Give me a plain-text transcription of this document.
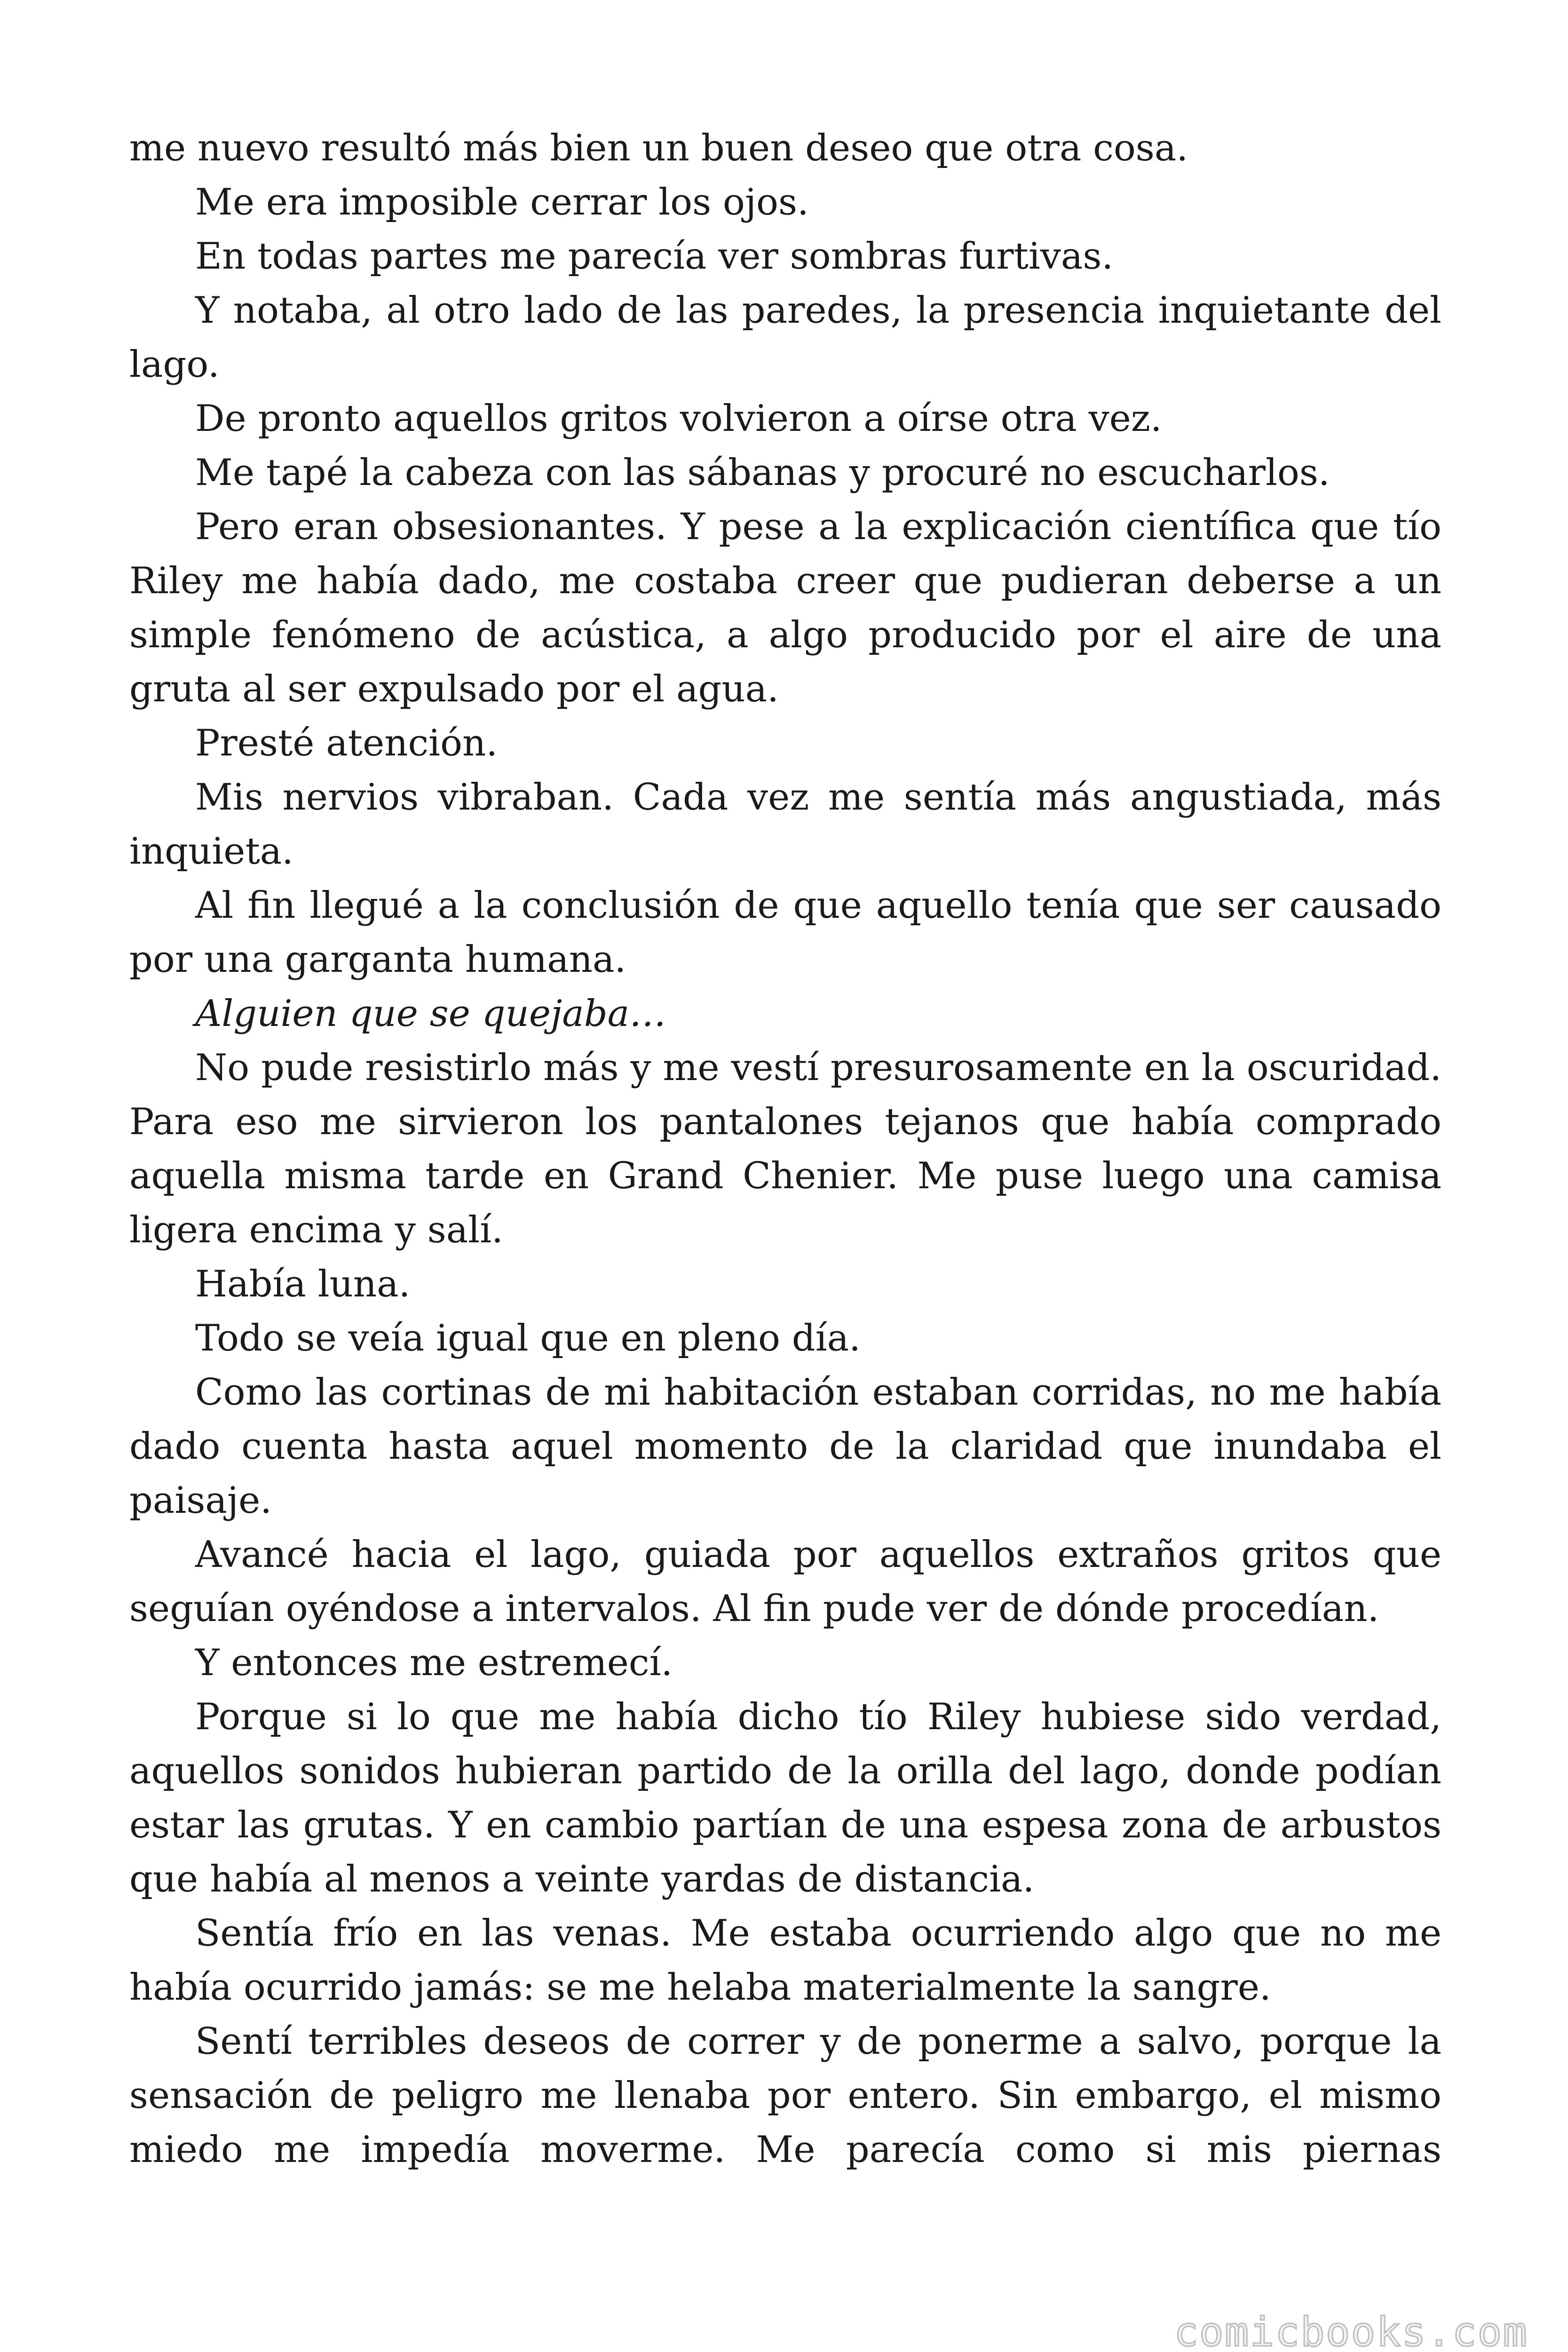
me nuevo resultó más bien un buen deseo que otra cosa.

Me era imposible cerrar los ojos.

En todas partes me parecía ver sombras furtivas.

Y notaba, al otro lado de las paredes, la presencia inquietante del lago.

De pronto aquellos gritos volvieron a oírse otra vez.

Me tapé la cabeza con las sábanas y procuré no escucharlos.

Pero eran obsesionantes. Y pese a la explicación científica que tío Riley me había dado, me costaba creer que pudieran deberse a un simple fenómeno de acústica, a algo producido por el aire de una gruta al ser expulsado por el agua.

Presté atención.

Mis nervios vibraban. Cada vez me sentía más angustiada, más inquieta.

Al fin llegué a la conclusión de que aquello tenía que ser causado por una garganta humana.

Alguien que se quejaba…

No pude resistirlo más y me vestí presurosamente en la oscuridad. Para eso me sirvieron los pantalones tejanos que había comprado aquella misma tarde en Grand Chenier. Me puse luego una camisa ligera encima y salí.

Había luna.

Todo se veía igual que en pleno día.

Como las cortinas de mi habitación estaban corridas, no me había dado cuenta hasta aquel momento de la claridad que inundaba el paisaje.

Avancé hacia el lago, guiada por aquellos extraños gritos que seguían oyéndose a intervalos. Al fin pude ver de dónde procedían.

Y entonces me estremecí.

Porque si lo que me había dicho tío Riley hubiese sido verdad, aquellos sonidos hubieran partido de la orilla del lago, donde podían estar las grutas. Y en cambio partían de una espesa zona de arbustos que había al menos a veinte yardas de distancia.

Sentía frío en las venas. Me estaba ocurriendo algo que no me había ocurrido jamás: se me helaba materialmente la sangre.

Sentí terribles deseos de correr y de ponerme a salvo, porque la sensación de peligro me llenaba por entero. Sin embargo, el mismo miedo me impedía moverme. Me parecía como si mis piernas

comicbooks.com
